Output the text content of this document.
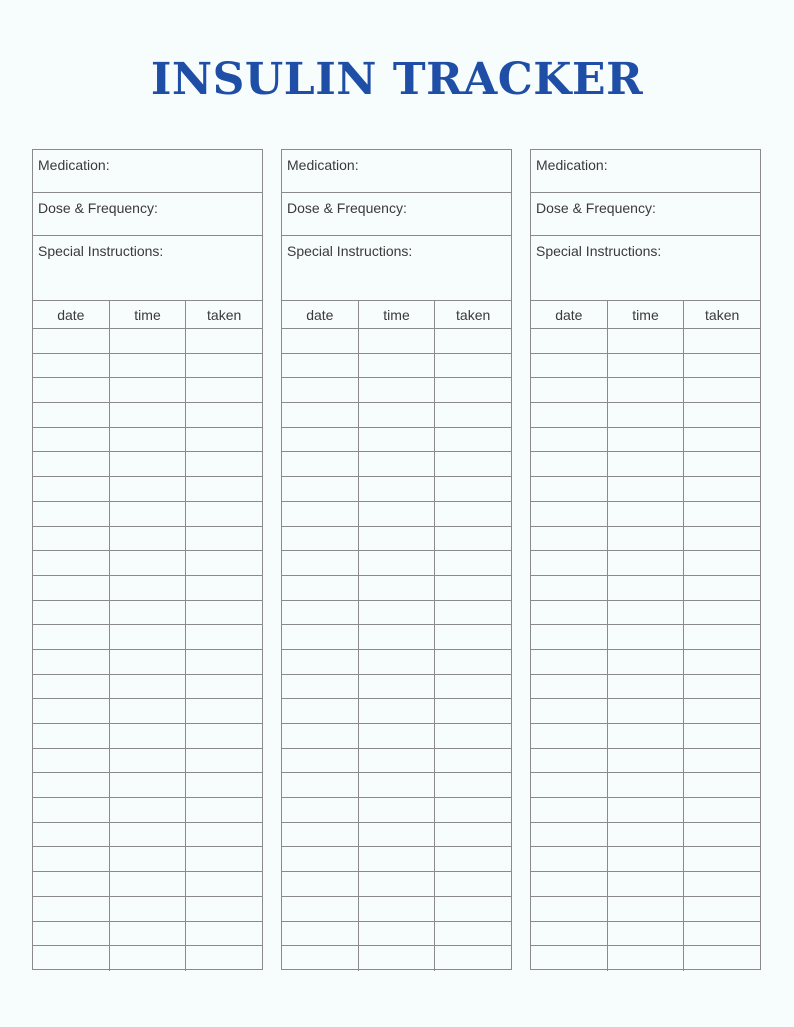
INSULIN TRACKER
Medication:
Dose & Frequency:
Special Instructions:
date	time	taken
Medication:
Dose & Frequency:
Special Instructions:
date	time	taken
Medication:
Dose & Frequency:
Special Instructions:
date	time	taken
